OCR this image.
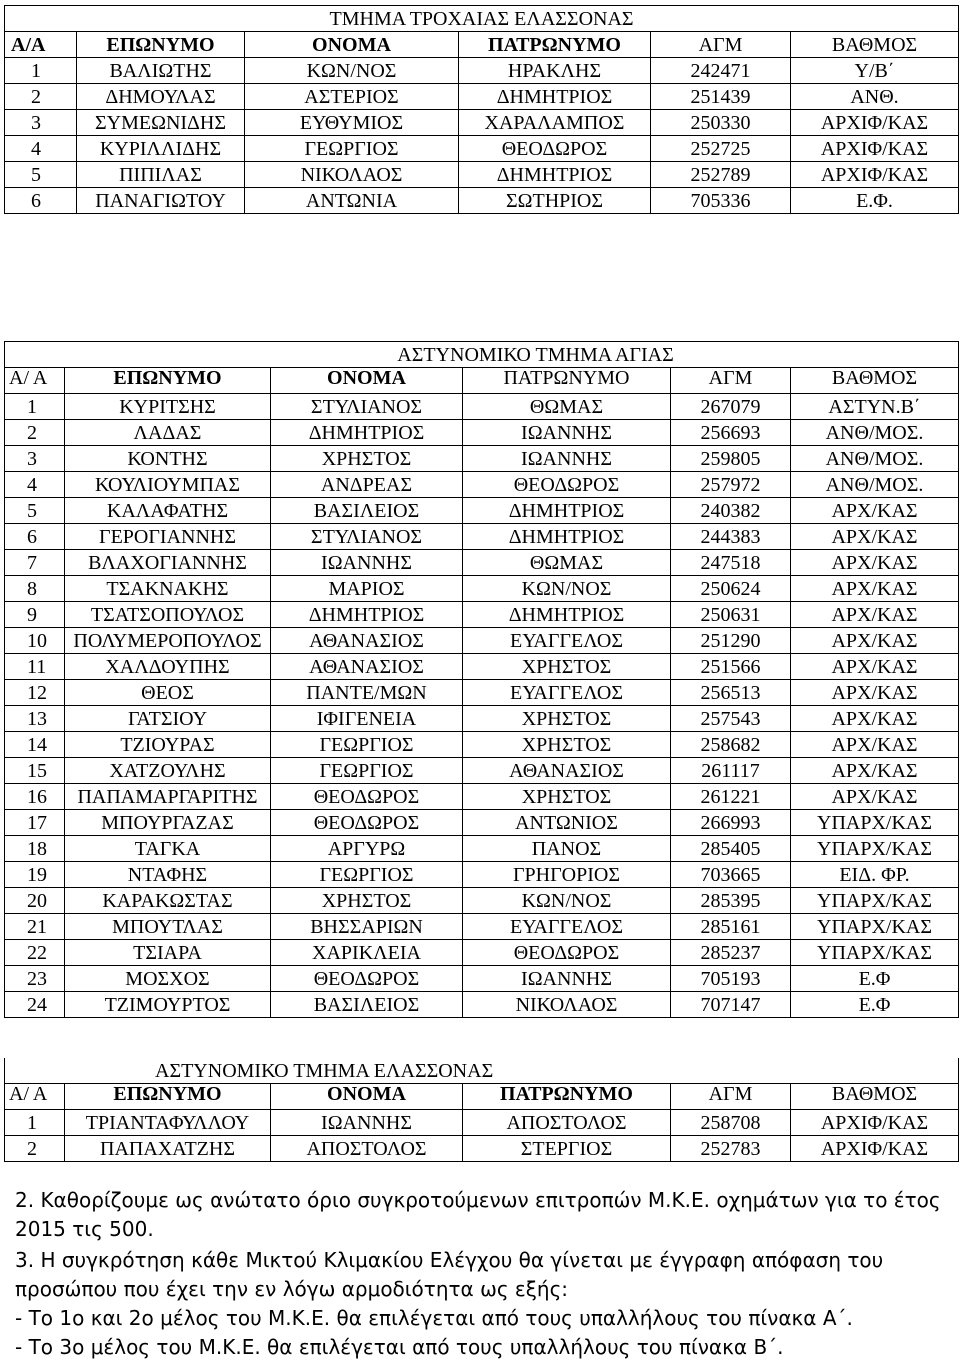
ΤΜΗΜΑ ΤΡΟΧΑΙΑΣ ΕΛΑΣΣΟΝΑΣ					
Α/Α	ΕΠΩΝΥΜΟ	ΟΝΟΜΑ	ΠΑΤΡΩΝΥΜΟ	ΑΓΜ	ΒΑΘΜΟΣ
1	ΒΑΛΙΩΤΗΣ	ΚΩΝ/ΝΟΣ	ΗΡΑΚΛΗΣ	242471	Υ/Β΄
2	ΔΗΜΟΥΛΑΣ	ΑΣΤΕΡΙΟΣ	ΔΗΜΗΤΡΙΟΣ	251439	ΑΝΘ.
3	ΣΥΜΕΩΝΙΔΗΣ	ΕΥΘΥΜΙΟΣ	ΧΑΡΑΛΑΜΠΟΣ	250330	ΑΡΧΙΦ/ΚΑΣ
4	ΚΥΡΙΛΛΙΔΗΣ	ΓΕΩΡΓΙΟΣ	ΘΕΟΔΩΡΟΣ	252725	ΑΡΧΙΦ/ΚΑΣ
5	ΠΙΠΙΛΑΣ	ΝΙΚΟΛΑΟΣ	ΔΗΜΗΤΡΙΟΣ	252789	ΑΡΧΙΦ/ΚΑΣ
6	ΠΑΝΑΓΙΩΤΟΥ	ΑΝΤΩΝΙΑ	ΣΩΤΗΡΙΟΣ	705336	Ε.Φ.
ΑΣΤΥΝΟΜΙΚΟ ΤΜΗΜΑ ΑΓΙΑΣ					
Α/ Α	ΕΠΩΝΥΜΟ	ΟΝΟΜΑ	ΠΑΤΡΩΝΥΜΟ	ΑΓΜ	ΒΑΘΜΟΣ
1	ΚΥΡΙΤΣΗΣ	ΣΤΥΛΙΑΝΟΣ	ΘΩΜΑΣ	267079	ΑΣΤΥΝ.Β΄
2	ΛΑΔΑΣ	ΔΗΜΗΤΡΙΟΣ	ΙΩΑΝΝΗΣ	256693	ΑΝΘ/ΜΟΣ.
3	ΚΟΝΤΗΣ	ΧΡΗΣΤΟΣ	ΙΩΑΝΝΗΣ	259805	ΑΝΘ/ΜΟΣ.
4	ΚΟΥΛΙΟΥΜΠΑΣ	ΑΝΔΡΕΑΣ	ΘΕΟΔΩΡΟΣ	257972	ΑΝΘ/ΜΟΣ.
5	ΚΑΛΑΦΑΤΗΣ	ΒΑΣΙΛΕΙΟΣ	ΔΗΜΗΤΡΙΟΣ	240382	ΑΡΧ/ΚΑΣ
6	ΓΕΡΟΓΙΑΝΝΗΣ	ΣΤΥΛΙΑΝΟΣ	ΔΗΜΗΤΡΙΟΣ	244383	ΑΡΧ/ΚΑΣ
7	ΒΛΑΧΟΓΙΑΝΝΗΣ	ΙΩΑΝΝΗΣ	ΘΩΜΑΣ	247518	ΑΡΧ/ΚΑΣ
8	ΤΣΑΚΝΑΚΗΣ	ΜΑΡΙΟΣ	ΚΩΝ/ΝΟΣ	250624	ΑΡΧ/ΚΑΣ
9	ΤΣΑΤΣΟΠΟΥΛΟΣ	ΔΗΜΗΤΡΙΟΣ	ΔΗΜΗΤΡΙΟΣ	250631	ΑΡΧ/ΚΑΣ
10	ΠΟΛΥΜΕΡΟΠΟΥΛΟΣ	ΑΘΑΝΑΣΙΟΣ	ΕΥΑΓΓΕΛΟΣ	251290	ΑΡΧ/ΚΑΣ
11	ΧΑΛΔΟΥΠΗΣ	ΑΘΑΝΑΣΙΟΣ	ΧΡΗΣΤΟΣ	251566	ΑΡΧ/ΚΑΣ
12	ΘΕΟΣ	ΠΑΝΤΕ/ΜΩΝ	ΕΥΑΓΓΕΛΟΣ	256513	ΑΡΧ/ΚΑΣ
13	ΓΑΤΣΙΟΥ	ΙΦΙΓΕΝΕΙΑ	ΧΡΗΣΤΟΣ	257543	ΑΡΧ/ΚΑΣ
14	ΤΖΙΟΥΡΑΣ	ΓΕΩΡΓΙΟΣ	ΧΡΗΣΤΟΣ	258682	ΑΡΧ/ΚΑΣ
15	ΧΑΤΖΟΥΛΗΣ	ΓΕΩΡΓΙΟΣ	ΑΘΑΝΑΣΙΟΣ	261117	ΑΡΧ/ΚΑΣ
16	ΠΑΠΑΜΑΡΓΑΡΙΤΗΣ	ΘΕΟΔΩΡΟΣ	ΧΡΗΣΤΟΣ	261221	ΑΡΧ/ΚΑΣ
17	ΜΠΟΥΡΓΑΖΑΣ	ΘΕΟΔΩΡΟΣ	ΑΝΤΩΝΙΟΣ	266993	ΥΠΑΡΧ/ΚΑΣ
18	ΤΑΓΚΑ	ΑΡΓΥΡΩ	ΠΑΝΟΣ	285405	ΥΠΑΡΧ/ΚΑΣ
19	ΝΤΑΦΗΣ	ΓΕΩΡΓΙΟΣ	ΓΡΗΓΟΡΙΟΣ	703665	ΕΙΔ. ΦΡ.
20	ΚΑΡΑΚΩΣΤΑΣ	ΧΡΗΣΤΟΣ	ΚΩΝ/ΝΟΣ	285395	ΥΠΑΡΧ/ΚΑΣ
21	ΜΠΟΥΤΛΑΣ	ΒΗΣΣΑΡΙΩΝ	ΕΥΑΓΓΕΛΟΣ	285161	ΥΠΑΡΧ/ΚΑΣ
22	ΤΣΙΑΡΑ	ΧΑΡΙΚΛΕΙΑ	ΘΕΟΔΩΡΟΣ	285237	ΥΠΑΡΧ/ΚΑΣ
23	ΜΟΣΧΟΣ	ΘΕΟΔΩΡΟΣ	ΙΩΑΝΝΗΣ	705193	Ε.Φ
24	ΤΖΙΜΟΥΡΤΟΣ	ΒΑΣΙΛΕΙΟΣ	ΝΙΚΟΛΑΟΣ	707147	Ε.Φ
ΑΣΤΥΝΟΜΙΚΟ ΤΜΗΜΑ ΕΛΑΣΣΟΝΑΣ					
Α/ Α	ΕΠΩΝΥΜΟ	ΟΝΟΜΑ	ΠΑΤΡΩΝΥΜΟ	ΑΓΜ	ΒΑΘΜΟΣ
1	ΤΡΙΑΝΤΑΦΥΛΛΟΥ	ΙΩΑΝΝΗΣ	ΑΠΟΣΤΟΛΟΣ	258708	ΑΡΧΙΦ/ΚΑΣ
2	ΠΑΠΑΧΑΤΖΗΣ	ΑΠΟΣΤΟΛΟΣ	ΣΤΕΡΓΙΟΣ	252783	ΑΡΧΙΦ/ΚΑΣ

2. Καθορίζουμε ως ανώτατο όριο συγκροτούμενων επιτροπών Μ.Κ.Ε. οχημάτων για το έτος 2015 τις 500.

3. Η συγκρότηση κάθε Μικτού Κλιμακίου Ελέγχου θα γίνεται με έγγραφη απόφαση του προσώπου που έχει την εν λόγω αρμοδιότητα ως εξής:

- Το 1ο και 2ο μέλος του Μ.Κ.Ε. θα επιλέγεται από τους υπαλλήλους του πίνακα Α΄.

- Το 3ο μέλος του Μ.Κ.Ε. θα επιλέγεται από τους υπαλλήλους του πίνακα Β΄.
